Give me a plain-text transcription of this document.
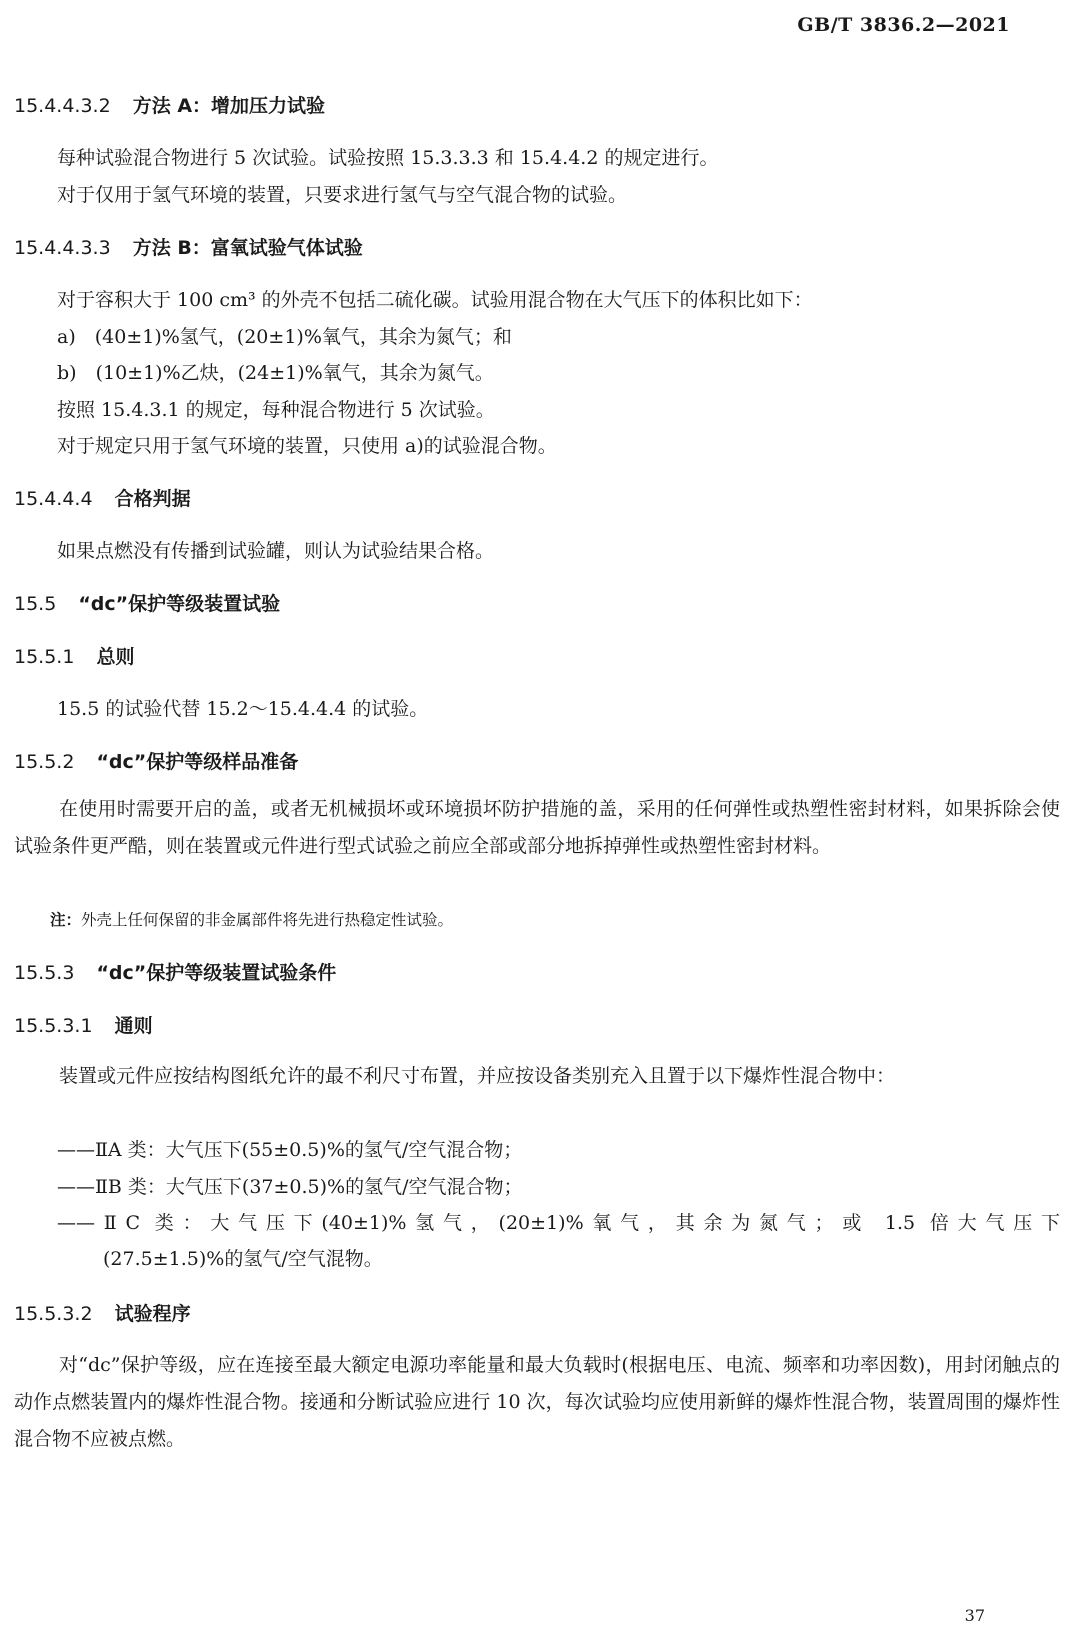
GB/T 3836.2—2021
15.4.4.3.2 方法 A：增加压力试验
每种试验混合物进行 5 次试验。试验按照 15.3.3.3 和 15.4.4.2 的规定进行。
对于仅用于氢气环境的装置，只要求进行氢气与空气混合物的试验。
15.4.4.3.3 方法 B：富氧试验气体试验
对于容积大于 100 cm³ 的外壳不包括二硫化碳。试验用混合物在大气压下的体积比如下：
a)　(40±1)%氢气，(20±1)%氧气，其余为氮气；和
b)　(10±1)%乙炔，(24±1)%氧气，其余为氮气。
按照 15.4.3.1 的规定，每种混合物进行 5 次试验。
对于规定只用于氢气环境的装置，只使用 a)的试验混合物。
15.4.4.4 合格判据
如果点燃没有传播到试验罐，则认为试验结果合格。
15.5 “dc”保护等级装置试验
15.5.1 总则
15.5 的试验代替 15.2～15.4.4.4 的试验。
15.5.2 “dc”保护等级样品准备
在使用时需要开启的盖，或者无机械损坏或环境损坏防护措施的盖，采用的任何弹性或热塑性密封材料，如果拆除会使试验条件更严酷，则在装置或元件进行型式试验之前应全部或部分地拆掉弹性或热塑性密封材料。
注：外壳上任何保留的非金属部件将先进行热稳定性试验。
15.5.3 “dc”保护等级装置试验条件
15.5.3.1 通则
装置或元件应按结构图纸允许的最不利尺寸布置，并应按设备类别充入且置于以下爆炸性混合物中：
——ⅡA 类：大气压下(55±0.5)%的氢气/空气混合物；
——ⅡB 类：大气压下(37±0.5)%的氢气/空气混合物；
——ⅡC 类：大气压下(40±1)%氢气，(20±1)%氧气，其余为氮气；或 1.5 倍大气压下
(27.5±1.5)%的氢气/空气混物。
15.5.3.2 试验程序
对“dc”保护等级，应在连接至最大额定电源功率能量和最大负载时(根据电压、电流、频率和功率因数)，用封闭触点的动作点燃装置内的爆炸性混合物。接通和分断试验应进行 10 次，每次试验均应使用新鲜的爆炸性混合物，装置周围的爆炸性混合物不应被点燃。
37
